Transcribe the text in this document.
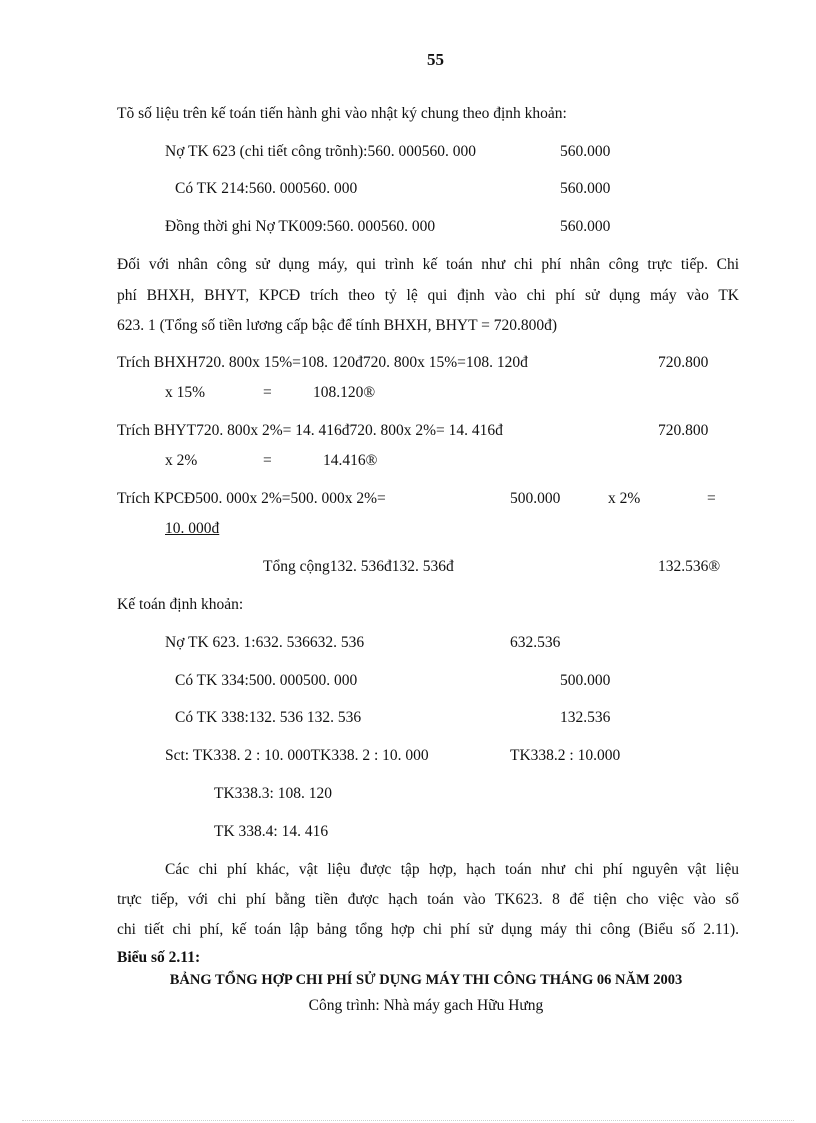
55
Tõ số liệu trên kế toán tiến hành ghi vào nhật ký chung theo định khoản:
Nợ TK 623 (chi tiết công trõnh):560. 000560. 000	560.000
Có TK 214:560. 000560. 000	560.000
Đồng thời ghi Nợ TK009:560. 000560. 000	560.000
Đối với nhân công sử dụng máy, qui trình kế toán như chi phí nhân công trực tiếp. Chi
phí BHXH, BHYT, KPCĐ trích theo tỷ lệ qui định vào chi phí sử dụng máy vào TK
623. 1 (Tổng số tiền lương cấp bậc để tính BHXH, BHYT = 720.800đ)
Trích BHXH720. 800x 15%=108. 120đ720. 800x 15%=108. 120đ	720.800
x 15%	=	108.120®
Trích BHYT720. 800x 2%= 14. 416đ720. 800x 2%= 14. 416đ	720.800
x 2%	=	14.416®
Trích KPCĐ500. 000x 2%=500. 000x 2%=	500.000	x 2%	=
10. 000đ
Tổng cộng132. 536đ132. 536đ	132.536®
Kế toán định khoản:
Nợ TK 623. 1:632. 536632. 536	632.536
Có TK 334:500. 000500. 000	500.000
Có TK 338:132. 536 132. 536	132.536
Sct: TK338. 2 : 10. 000TK338. 2 : 10. 000	TK338.2 : 10.000
TK338.3: 108. 120
TK 338.4: 14. 416
Các chi phí khác, vật liệu được tập hợp, hạch toán như chi phí nguyên vật liệu
trực tiếp, với chi phí bằng tiền được hạch toán vào TK623. 8 để tiện cho việc vào sổ
chi tiết chi phí, kế toán lập bảng tổng hợp chi phí sử dụng máy thi công (Biểu số 2.11).
Biểu số 2.11:
BẢNG TỔNG HỢP CHI PHÍ SỬ DỤNG MÁY THI CÔNG THÁNG 06 NĂM 2003
Công trình: Nhà máy gach Hữu Hưng
